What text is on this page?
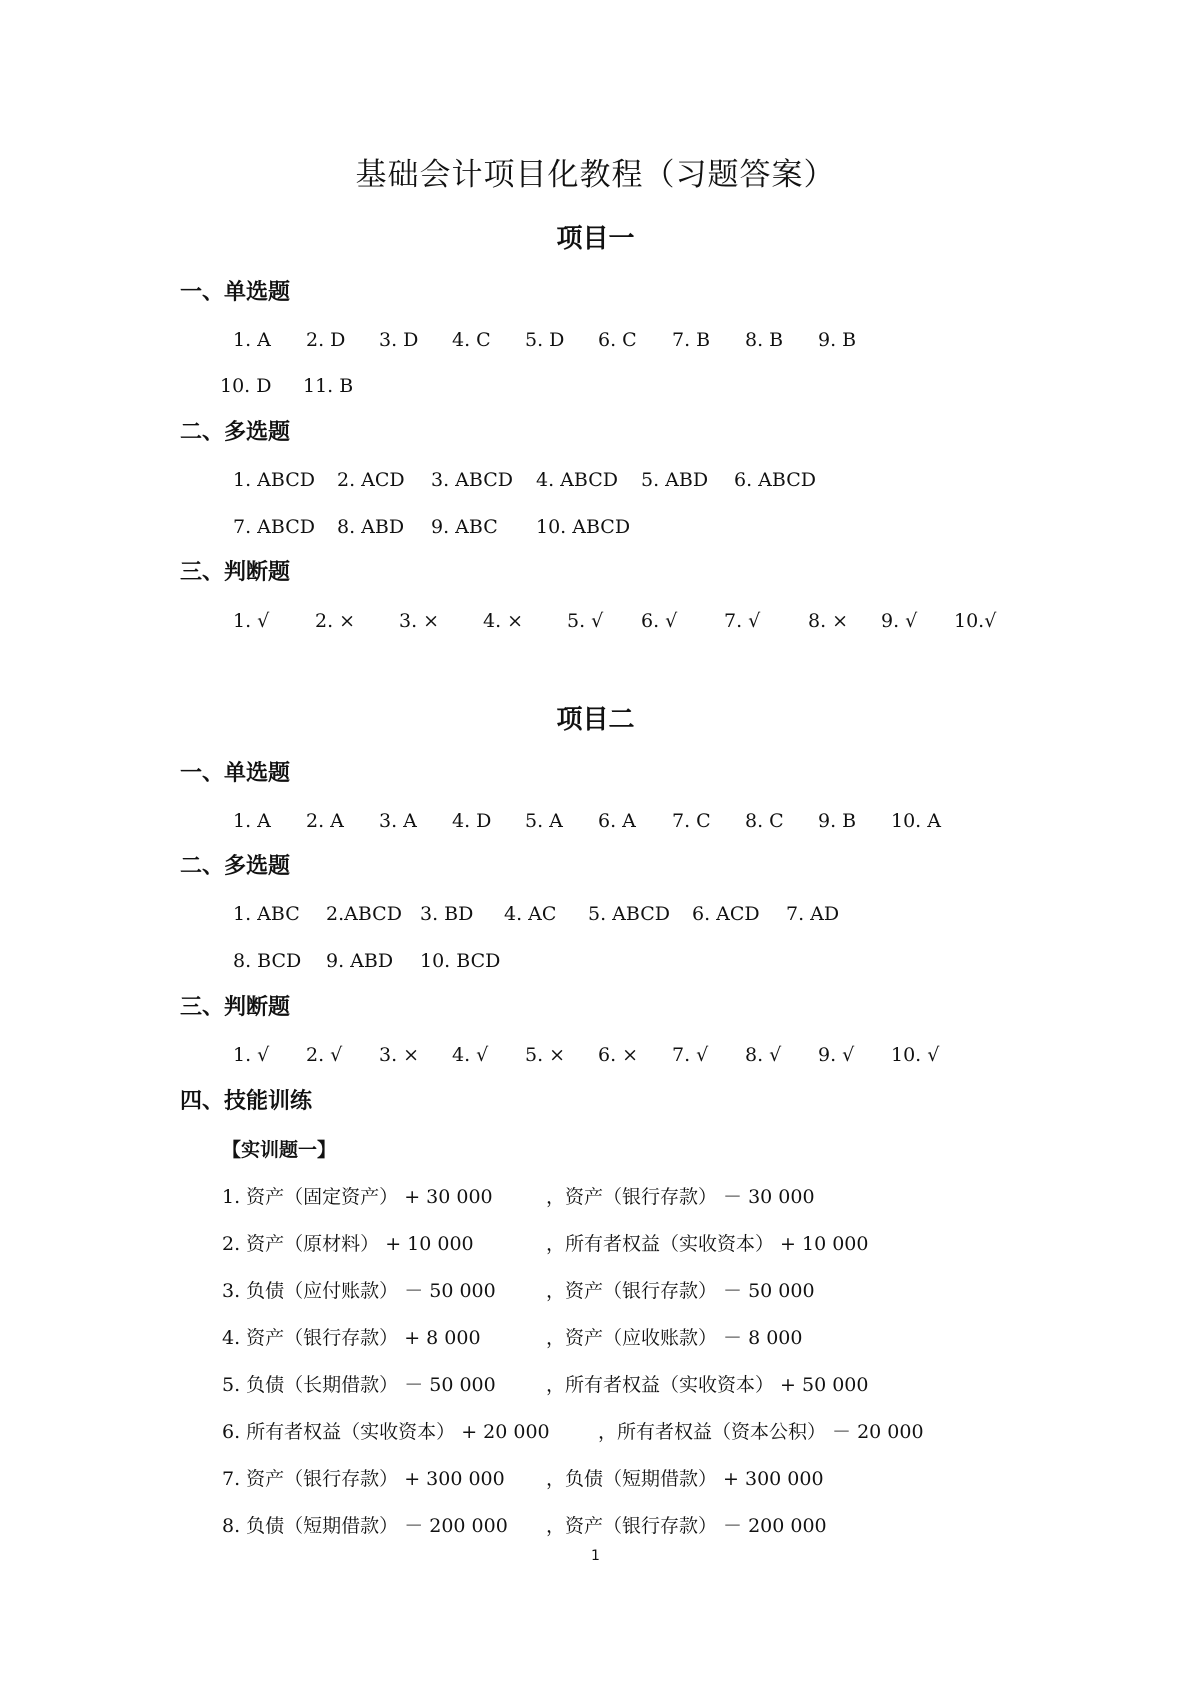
基础会计项目化教程（习题答案）
项目一
一、单选题
1. A 2. D 3. D 4. C 5. D 6. C 7. B 8. B 9. B
10. D 11. B
二、多选题
1. ABCD 2. ACD 3. ABCD 4. ABCD 5. ABD 6. ABCD
7. ABCD 8. ABD 9. ABC 10. ABCD
三、判断题
1. √ 2. × 3. × 4. × 5. √ 6. √ 7. √	8. × 9. √ 10.√
项目二
一、单选题
1. A 2. A 3. A 4. D 5. A 6. A 7. C 8. C 9. B 10. A
二、多选题
1. ABC 2.ABCD 3. BD 4. AC 5. ABCD 6. ACD 7. AD
8. BCD 9. ABD 10. BCD
三、判断题
1. √ 2. √ 3. × 4. √ 5. × 6. × 7. √ 8. √ 9. √ 10. √
四、技能训练
【实训题一】
1. 资产（固定资产） + 30 000	，资产（银行存款） － 30 000
2. 资产（原材料） + 10 000	，所有者权益（实收资本） + 10 000
3. 负债（应付账款） － 50 000	，资产（银行存款） － 50 000
4. 资产（银行存款） + 8 000	，资产（应收账款） － 8 000
5. 负债（长期借款） － 50 000	，所有者权益（实收资本） + 50 000
6. 所有者权益（实收资本） + 20 000	，所有者权益（资本公积） － 20 000
7. 资产（银行存款） + 300 000 ，负债（短期借款） + 300 000
8. 负债（短期借款） － 200 000 ，资产（银行存款） － 200 000
1
